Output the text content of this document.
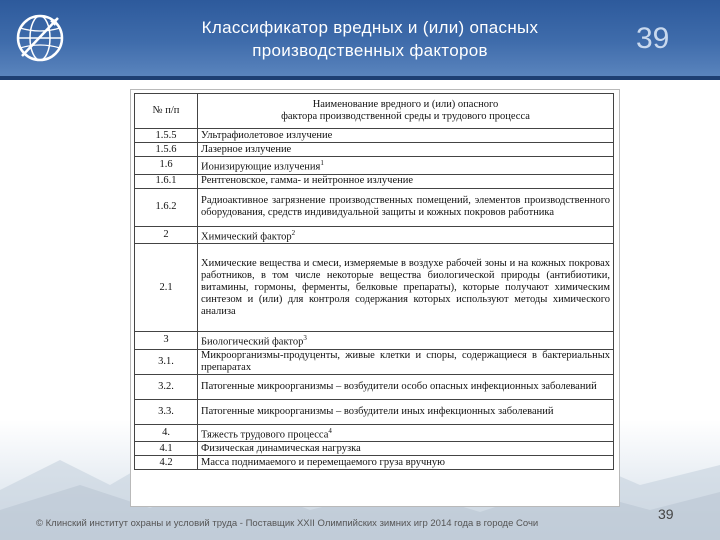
Классификатор вредных и (или) опасных
производственных факторов	39
№ п/п	Наименование вредного и (или) опасного
фактора производственной среды и трудового процесса

1.5.5	Ультрафиолетовое излучение
1.5.6	Лазерное излучение
1.6	Ионизирующие излучения$^1$
1.6.1	Рентгеновское, гамма- и нейтронное излучение
1.6.2	Радиоактивное загрязнение производственных помещений, элементов производственного оборудования, средств индивидуальной защиты и кожных покровов работника
2	Химический фактор$^2$
2.1	Химические вещества и смеси, измеряемые в воздухе рабочей зоны и на кожных покровах работников, в том числе некоторые вещества биологической природы (антибиотики, витамины, гормоны, ферменты, белковые препараты), которые получают химическим синтезом и (или) для контроля содержания которых используют методы химического анализа
3	Биологический фактор$^3$
3.1.	Микроорганизмы-продуценты, живые клетки и споры, содержащиеся в бактериальных препаратах
3.2.	Патогенные микроорганизмы – возбудители особо опасных инфекционных заболеваний
3.3.	Патогенные микроорганизмы – возбудители иных инфекционных заболеваний
4.	Тяжесть трудового процесса$^4$
4.1	Физическая динамическая нагрузка
4.2	Масса поднимаемого и перемещаемого груза вручную
© Клинский институт охраны и условий труда - Поставщик XXII Олимпийских зимних игр 2014 года в городе Сочи
39
